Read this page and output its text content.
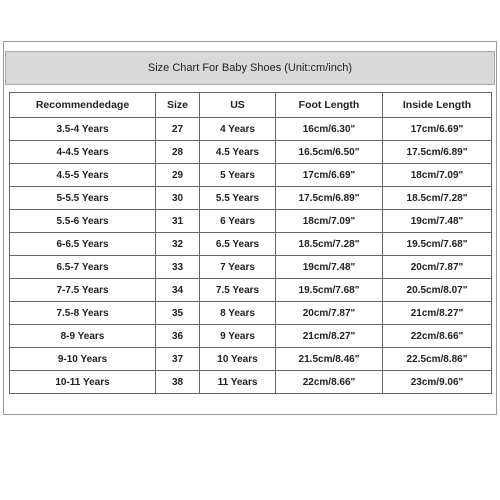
Size Chart For Baby Shoes (Unit:cm/inch)
Recommendedage	Size	US	Foot Length	Inside Length
3.5-4 Years	27	4 Years	16cm/6.30"	17cm/6.69"
4-4.5 Years	28	4.5 Years	16.5cm/6.50"	17.5cm/6.89"
4.5-5 Years	29	5 Years	17cm/6.69"	18cm/7.09"
5-5.5 Years	30	5.5 Years	17.5cm/6.89"	18.5cm/7.28"
5.5-6 Years	31	6 Years	18cm/7.09"	19cm/7.48"
6-6.5 Years	32	6.5 Years	18.5cm/7.28"	19.5cm/7.68"
6.5-7 Years	33	7 Years	19cm/7.48"	20cm/7.87"
7-7.5 Years	34	7.5 Years	19.5cm/7.68"	20.5cm/8.07"
7.5-8 Years	35	8 Years	20cm/7.87"	21cm/8.27"
8-9 Years	36	9 Years	21cm/8.27"	22cm/8.66"
9-10 Years	37	10 Years	21.5cm/8.46"	22.5cm/8.86"
10-11 Years	38	11 Years	22cm/8.66"	23cm/9.06"
